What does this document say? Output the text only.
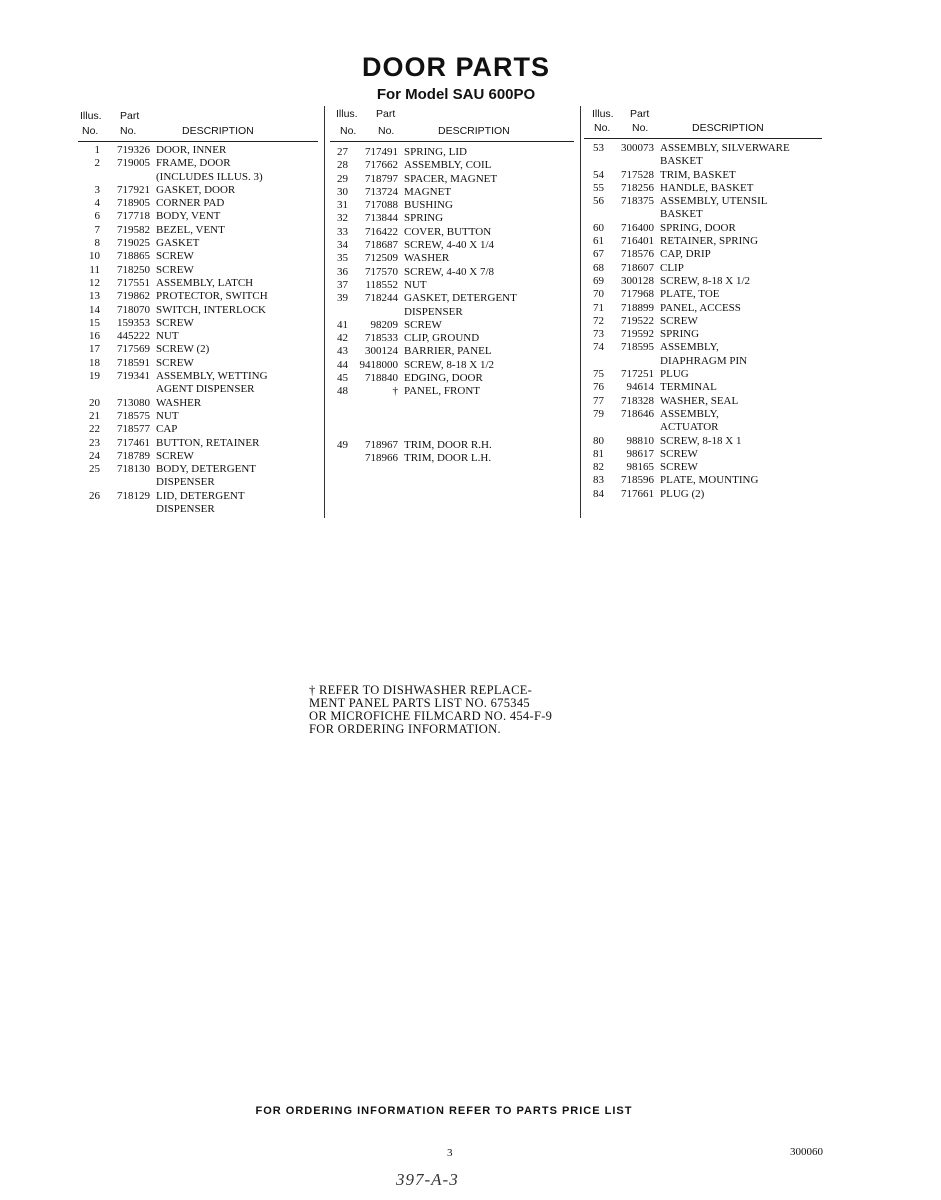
DOOR PARTS
For Model SAU 600PO
Illus. Part
No. No.	DESCRIPTION
1	719326 DOOR, INNER
2	719005 FRAME, DOOR
(INCLUDES ILLUS. 3)
3	717921 GASKET, DOOR
4	718905 CORNER PAD
6	717718 BODY, VENT
7	719582 BEZEL, VENT
8	719025 GASKET
10	718865 SCREW
11	718250 SCREW
12	717551 ASSEMBLY, LATCH
13	719862 PROTECTOR, SWITCH
14	718070 SWITCH, INTERLOCK
15	159353 SCREW
16	445222 NUT
17	717569 SCREW (2)
18	718591 SCREW
19	719341 ASSEMBLY, WETTING
AGENT DISPENSER
20	713080 WASHER
21	718575 NUT
22	718577 CAP
23	717461 BUTTON, RETAINER
24	718789 SCREW
25	718130 BODY, DETERGENT
DISPENSER
26	718129 LID, DETERGENT
DISPENSER
Illus. Part
No. No.	DESCRIPTION
27	717491 SPRING, LID
28	717662 ASSEMBLY, COIL
29	718797 SPACER, MAGNET
30	713724 MAGNET
31	717088 BUSHING
32	713844 SPRING
33	716422 COVER, BUTTON
34	718687 SCREW, 4-40 X 1/4
35	712509 WASHER
36	717570 SCREW, 4-40 X 7/8
37	118552 NUT
39	718244 GASKET, DETERGENT
DISPENSER
41	98209 SCREW
42	718533 CLIP, GROUND
43	300124 BARRIER, PANEL
44	9418000 SCREW, 8-18 X 1/2
45	718840 EDGING, DOOR
48	† PANEL, FRONT
49	718967 TRIM, DOOR R.H.
718966 TRIM, DOOR L.H.
Illus. Part
No. No.	DESCRIPTION
53	300073 ASSEMBLY, SILVERWARE
BASKET
54	717528 TRIM, BASKET
55	718256 HANDLE, BASKET
56	718375 ASSEMBLY, UTENSIL
BASKET
60	716400 SPRING, DOOR
61	716401 RETAINER, SPRING
67	718576 CAP, DRIP
68	718607 CLIP
69	300128 SCREW, 8-18 X 1/2
70	717968 PLATE, TOE
71	718899 PANEL, ACCESS
72	719522 SCREW
73	719592 SPRING
74	718595 ASSEMBLY,
DIAPHRAGM PIN
75	717251 PLUG
76	94614 TERMINAL
77	718328 WASHER, SEAL
79	718646 ASSEMBLY,
ACTUATOR
80	98810 SCREW, 8-18 X 1
81	98617 SCREW
82	98165 SCREW
83	718596 PLATE, MOUNTING
84	717661 PLUG (2)
† REFER TO DISHWASHER REPLACE-
MENT PANEL PARTS LIST NO. 675345
OR MICROFICHE FILMCARD NO. 454-F-9
FOR ORDERING INFORMATION.
FOR ORDERING INFORMATION REFER TO PARTS PRICE LIST
3	300060
397-A-3
